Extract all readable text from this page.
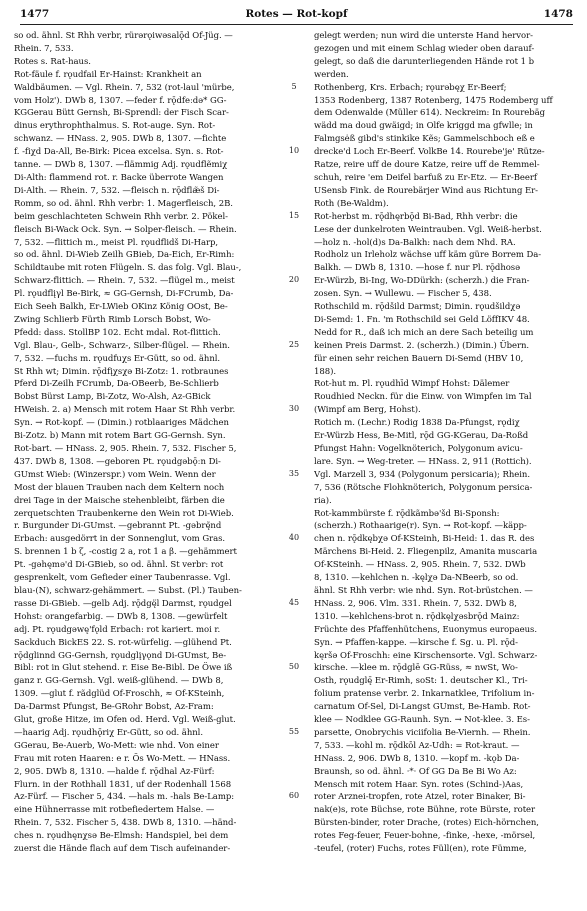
1477	Rotes — Rot-kopf	1478
so od. ähnl. St Rhh verbr, rürərǫiwəsalǭd Of-Jüg. —
Rhein. 7, 533.
Rotes s. Rat-haus.
Rot-fäule f. rǫudfail Er-Hainst: Krankheit an
Waldbäumen. — Vgl. Rhein. 7, 532 (rot-laul 'mürbe,
vom Holz'). DWb 8, 1307. —feder f. rǭdfeːdə* GG-
KGGerau Bütt Gernsh, Bi-Sprendl: der Fisch Scar-
dinus erythrophthalmus. S. Rot-auge. Syn. Rot-
schwanz. — HNass. 2, 905. DWb 8, 1307. —fichte
f. -fiχd Da-All, Be-Birk: Picea excelsa. Syn. s. Rot-
tanne. — DWb 8, 1307. —flämmig Adj. rǫudflẽmiχ
Di-Alth: flammend rot. r. Backe überrote Wangen
Di-Alth. — Rhein. 7, 532. —fleisch n. rǭdflæ̃š Di-
Romm, so od. ähnl. Rhh verbr: 1. Magerfleisch, 2B.
beim geschlachteten Schwein Rhh verbr. 2. Pökel-
fleisch Bi-Wack Ock. Syn. → Solper-fleisch. — Rhein.
7, 532. —flittich m., meist Pl. rǫudflidš Di-Harp,
so od. ähnl. Di-Wieb Zeilh GBieb, Da-Eich, Er-Rimh:
Schildtaube mit roten Flügeln. S. das folg. Vgl. Blau-,
Schwarz-flittich. — Rhein. 7, 532. —flügel m., meist
Pl. rǫudflįγl Be-Birk, ≈ GG-Gernsh, Di-FCrumb, Da-
Eich Seeh Balkh, Er-LWieb OKinz König OOst, Be-
Zwing Schlierb Fürth Rimb Lorsch Bobst, Wo-
Pfedd: dass. StollBP 102. Echt mdal. Rot-flittich.
Vgl. Blau-, Gelb-, Schwarz-, Silber-flügel. — Rhein.
7, 532. —fuchs m. rǫudfuχs Er-Gütt, so od. ähnl.
St Rhh wt; Dimin. rǭdfįχsχə Bi-Zotz: 1. rotbraunes
Pferd Di-Zeilh FCrumb, Da-OBeerb, Be-Schlierb
Bobst Bürst Lamp, Bi-Zotz, Wo-Alsh, Az-GBick
HWeish. 2. a) Mensch mit rotem Haar St Rhh verbr.
Syn. → Rot-kopf. — (Dimin.) rotblaariges Mädchen
Bi-Zotz. b) Mann mit rotem Bart GG-Gernsh. Syn.
Rot-bart. — HNass. 2, 905. Rhein. 7, 532. Fischer 5,
437. DWb 8, 1308. —geboren Pt. rǫudgəbǭːn Di-
GUmst Wieb: (Winzerspr.) vom Wein. Wenn der
Most der blauen Trauben nach dem Keltern noch
drei Tage in der Maische stehenbleibt, färben die
zerquetschten Traubenkerne den Wein rot Di-Wieb.
r. Burgunder Di-GUmst. —gebrannt Pt. -gəbrę̃nd
Erbach: ausgedörrt in der Sonnenglut, vom Gras.
S. brennen 1 b ζ, -costig 2 a, rot 1 a β. —gehämmert
Pt. -gəhęmə'd Di-GBieb, so od. ähnl. St verbr: rot
gesprenkelt, vom Gefieder einer Taubenrasse. Vgl.
blau-(N), schwarz-gehämmert. — Subst. (Pl.) Tauben-
rasse Di-GBieb. —gelb Adj. rǭdgę̈l Darmst, rǫudgel
Hohst: orangefarbig. — DWb 8, 1308. —gewürfelt
adj. Pt. rǫudgəwę'fǫld Erbach: rot kariert. moi r.
Sackduch BickES 22. S. rot-würfelig. —glühend Pt.
rǭdglinnd GG-Gernsh, rǫudglįγǫnd Di-GUmst, Be-
Bibl: rot in Glut stehend. r. Eise Be-Bibl. De Öwe iß
ganz r. GG-Gernsh. Vgl. weiß-glühend. — DWb 8,
1309. —glut f. rãdglüd Of-Froschh, ≈ Of-KSteinh,
Da-Darmst Pfungst, Be-GRohr Bobst, Az-Fram:
Glut, große Hitze, im Ofen od. Herd. Vgl. Weiß-glut.
—haarig Adj. rǫudhǭriχ Er-Gütt, so od. ähnl.
GGerau, Be-Auerb, Wo-Mett: wie nhd. Von einer
Frau mit roten Haaren: e r. Ös Wo-Mett. — HNass.
2, 905. DWb 8, 1310. —halde f. rǭdhal Az-Fürf:
Flurn. in der Rothhall 1831, uf der Rodenhall 1568
Az-Fürf. — Fischer 5, 434. —hals m. -hals Be-Lamp:
eine Hühnerrasse mit rotbefiedertem Halse. —
Rhein. 7, 532. Fischer 5, 438. DWb 8, 1310. —händ-
ches n. rǫudhęnχsə Be-Elmsh: Handspiel, bei dem
zuerst die Hände flach auf dem Tisch aufeinander-
5
10
15
20
25
30
35
40
45
50
55
60
gelegt werden; nun wird die unterste Hand hervor-
gezogen und mit einem Schlag wieder oben darauf-
gelegt, so daß die darunterliegenden Hände rot 1 b
werden.
Rothenberg, Krs. Erbach; rǫurəbęχ Er-Beerf;
1353 Rodenberg, 1387 Rotenberg, 1475 Rodemberg uff
dem Odenwalde (Müller 614). Neckreim: In Rourebäg
wädd ma doud gwäigd; in Olfe kriggd ma gfwlle; in
Falmgsėß gibd's stinkike Kẽs; Gammelschboch eß e
drecke'd Loch Er-Beerf. VolkBe 14. Rourebe'je' Rütze-
Ratze, reire uff de doure Katze, reire uff de Remmel-
schuh, reire 'em Deifel barfuß zu Er-Etz. — Er-Beerf
USensb Fink. de Rourebärjer Wind aus Richtung Er-
Roth (Be-Waldm).
Rot-herbst m. rǭdhęrbǭd Bi-Bad, Rhh verbr: die
Lese der dunkelroten Weintrauben. Vgl. Weiß-herbst.
—holz n. -hol(d)s Da-Balkh: nach dem Nhd. RA.
Rodholz un Irleholz wächse uff käm güre Borrem Da-
Balkh. — DWb 8, 1310. —hose f. nur Pl. rǭdhosə
Er-Würzb, Bi-Ing, Wo-DDürkh: (scherzh.) die Fran-
zosen. Syn. → Wullewu. — Fischer 5, 438.
Rothschild m. rǭdšild Darmst; Dimin. rǫudšildχə
Di-Semd: 1. Fn. 'm Rothschild sei Geld LöffIKV 48.
Nedd for R., daß ich mich an dere Sach beteilig um
keinen Preis Darmst. 2. (scherzh.) (Dimin.) Übern.
für einen sehr reichen Bauern Di-Semd (HBV 10,
188).
Rot-hut m. Pl. rǫudhīd Wimpf Hohst: Dälemer
Roudhied Neckn. für die Einw. von Wimpfen im Tal
(Wimpf am Berg, Hohst).
Rotich m. (Lechr.) Rodig 1838 Da-Pfungst, rǫdiχ
Er-Würzb Hess, Be-Mitl, rǭd GG-KGerau, Da-Roßd
Pfungst Hahn: Vogelknöterich, Polygonum avicu-
lare. Syn. → Weg-treter. — HNass. 2, 911 (Rottich).
Vgl. Marzell 3, 934 (Polygonum persicaria); Rhein.
7, 536 (Rötsche Flohknöterich, Polygonum persica-
ria).
Rot-kammbürste f. rǭdkãmbə'šd Bi-Sponsh:
(scherzh.) Rothaarige(r). Syn. → Rot-kopf. —käpp-
chen n. rǭdkębχə Of-KSteinh, Bi-Heid: 1. das R. des
Märchens Bi-Heid. 2. Fliegenpilz, Amanita muscaria
Of-KSteinh. — HNass. 2, 905. Rhein. 7, 532. DWb
8, 1310. —kehlchen n. -kęlχə Da-NBeerb, so od.
ähnl. St Rhh verbr: wie nhd. Syn. Rot-brüstchen. —
HNass. 2, 906. Vlm. 331. Rhein. 7, 532. DWb 8,
1310. —kehlchens-brot n. rǭdkęlχəsbrǭd Mainz:
Früchte des Pfaffenhütchens, Euonymus europaeus.
Syn. → Pfaffen-kappe. —kirsche f. Sg. u. Pl. rǭd-
kęršə Of-Froschh: eine Kirschensorte. Vgl. Schwarz-
kirsche. —klee m. rǭdglē GG-Rüss, ≈ nwSt, Wo-
Osth, rǫudglę̄ Er-Rimh, soSt: 1. deutscher Kl., Tri-
folium pratense verbr. 2. Inkarnatklee, Trifolium in-
carnatum Of-Sel, Di-Langst GUmst, Be-Hamb. Rot-
klee — Nodklee GG-Raunh. Syn. → Not-klee. 3. Es-
parsette, Onobrychis viciifolia Be-Viernh. — Rhein.
7, 533. —kohl m. rǭdkōl Az-Udh: = Rot-kraut. —
HNass. 2, 906. DWb 8, 1310. —kopf m. -kǫb Da-
Braunsh, so od. ähnl. ·*· Of GG Da Be Bi Wo Az:
Mensch mit rotem Haar. Syn. rotes (Schind-)Aas,
roter Arznei-tropfen, rote Atzel, roter Binaker, Bi-
nak(e)s, rote Büchse, rote Bühne, rote Bürste, roter
Bürsten-binder, roter Drache, (rotes) Eich-hörnchen,
rotes Feg-feuer, Feuer-bohne, -finke, -hexe, -mörsel,
-teufel, (roter) Fuchs, rotes Füll(en), rote Fümme,
